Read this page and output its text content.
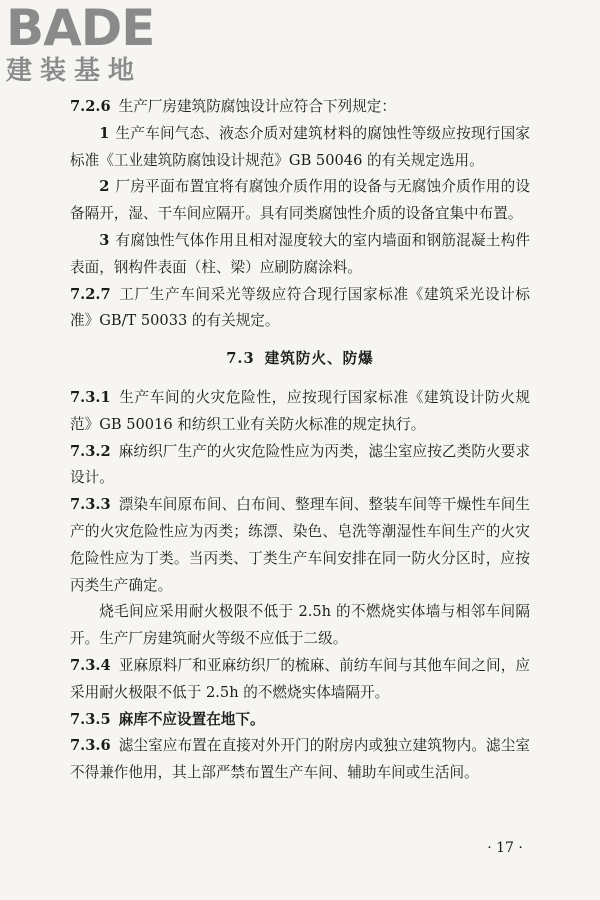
BADE
建装基地

7.2.6 生产厂房建筑防腐蚀设计应符合下列规定：

1 生产车间气态、液态介质对建筑材料的腐蚀性等级应按现行国家标准《工业建筑防腐蚀设计规范》GB 50046 的有关规定选用。

2 厂房平面布置宜将有腐蚀介质作用的设备与无腐蚀介质作用的设备隔开，湿、干车间应隔开。具有同类腐蚀性介质的设备宜集中布置。

3 有腐蚀性气体作用且相对湿度较大的室内墙面和钢筋混凝土构件表面，钢构件表面（柱、梁）应刷防腐涂料。

7.2.7 工厂生产车间采光等级应符合现行国家标准《建筑采光设计标准》GB/T 50033 的有关规定。

7.3 建筑防火、防爆

7.3.1 生产车间的火灾危险性，应按现行国家标准《建筑设计防火规范》GB 50016 和纺织工业有关防火标准的规定执行。

7.3.2 麻纺织厂生产的火灾危险性应为丙类，滤尘室应按乙类防火要求设计。

7.3.3 漂染车间原布间、白布间、整理车间、整装车间等干燥性车间生产的火灾危险性应为丙类；练漂、染色、皂洗等潮湿性车间生产的火灾危险性应为丁类。当丙类、丁类生产车间安排在同一防火分区时，应按丙类生产确定。

烧毛间应采用耐火极限不低于 2.5h 的不燃烧实体墙与相邻车间隔开。生产厂房建筑耐火等级不应低于二级。

7.3.4 亚麻原料厂和亚麻纺织厂的梳麻、前纺车间与其他车间之间，应采用耐火极限不低于 2.5h 的不燃烧实体墙隔开。

7.3.5 麻库不应设置在地下。

7.3.6 滤尘室应布置在直接对外开门的附房内或独立建筑物内。滤尘室不得兼作他用，其上部严禁布置生产车间、辅助车间或生活间。

· 17 ·
